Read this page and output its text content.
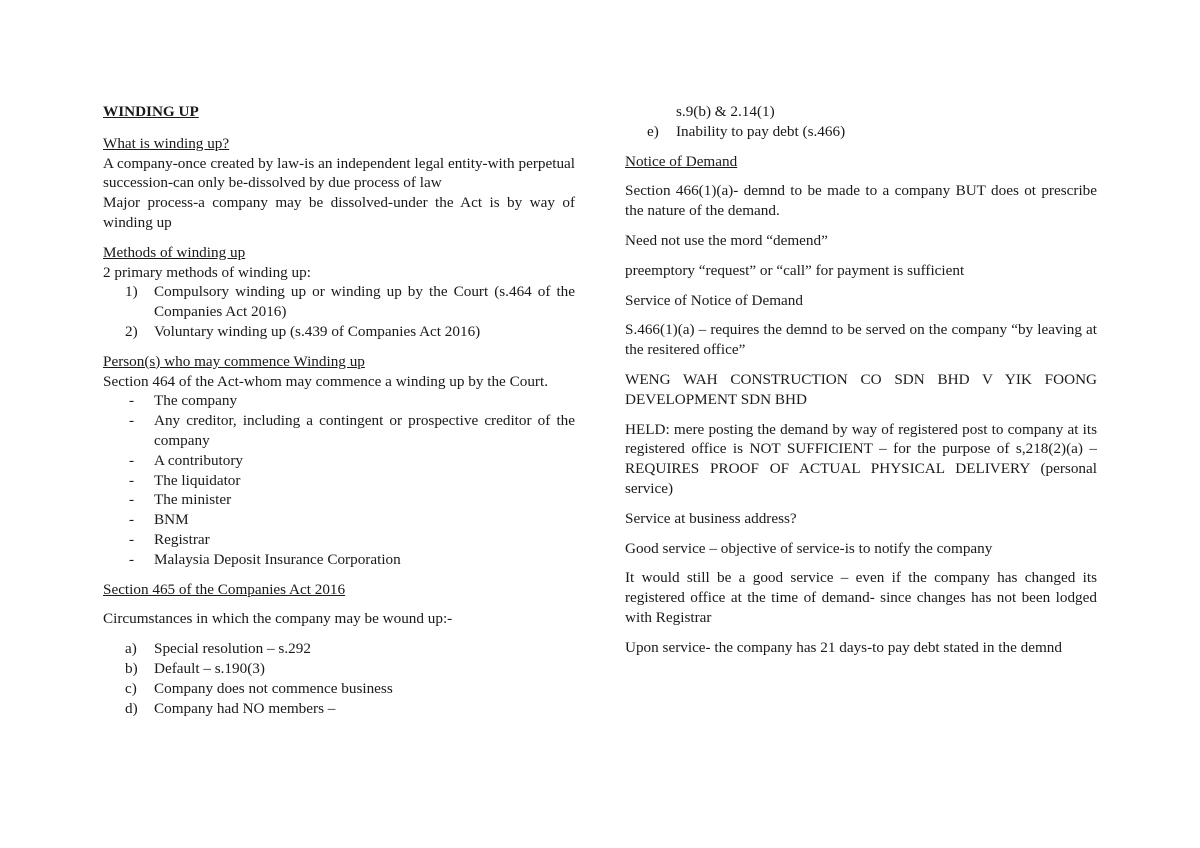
WINDING UP

What is winding up?

A company-once created by law-is an independent legal entity-with perpetual succession-can only be-dissolved by due process of law

Major process-a company may be dissolved-under the Act is by way of winding up

Methods of winding up

2 primary methods of winding up:

1) Compulsory winding up or winding up by the Court (s.464 of the Companies Act 2016)
2) Voluntary winding up (s.439 of Companies Act 2016)

Person(s) who may commence Winding up

Section 464 of the Act-whom may commence a winding up by the Court.

- The company
- Any creditor, including a contingent or prospective creditor of the company
- A contributory
- The liquidator
- The minister
- BNM
- Registrar
- Malaysia Deposit Insurance Corporation

Section 465 of the Companies Act 2016

Circumstances in which the company may be wound up:-

a) Special resolution – s.292
b) Default – s.190(3)
c) Company does not commence business
d) Company had NO members –

s.9(b) & 2.14(1)

e) Inability to pay debt (s.466)

Notice of Demand

Section 466(1)(a)- demnd to be made to a company BUT does ot prescribe the nature of the demand.

Need not use the mord “demend”

preemptory “request” or “call” for payment is sufficient

Service of Notice of Demand

S.466(1)(a) – requires the demnd to be served on the company “by leaving at the resitered office”

WENG WAH CONSTRUCTION CO SDN BHD V YIK FOONG DEVELOPMENT SDN BHD

HELD: mere posting the demand by way of registered post to company at its registered office is NOT SUFFICIENT – for the purpose of s,218(2)(a) –REQUIRES PROOF OF ACTUAL PHYSICAL DELIVERY (personal service)

Service at business address?

Good service – objective of service-is to notify the company

It would still be a good service – even if the company has changed its registered office at the time of demand- since changes has not been lodged with Registrar

Upon service- the company has 21 days-to pay debt stated in the demnd
